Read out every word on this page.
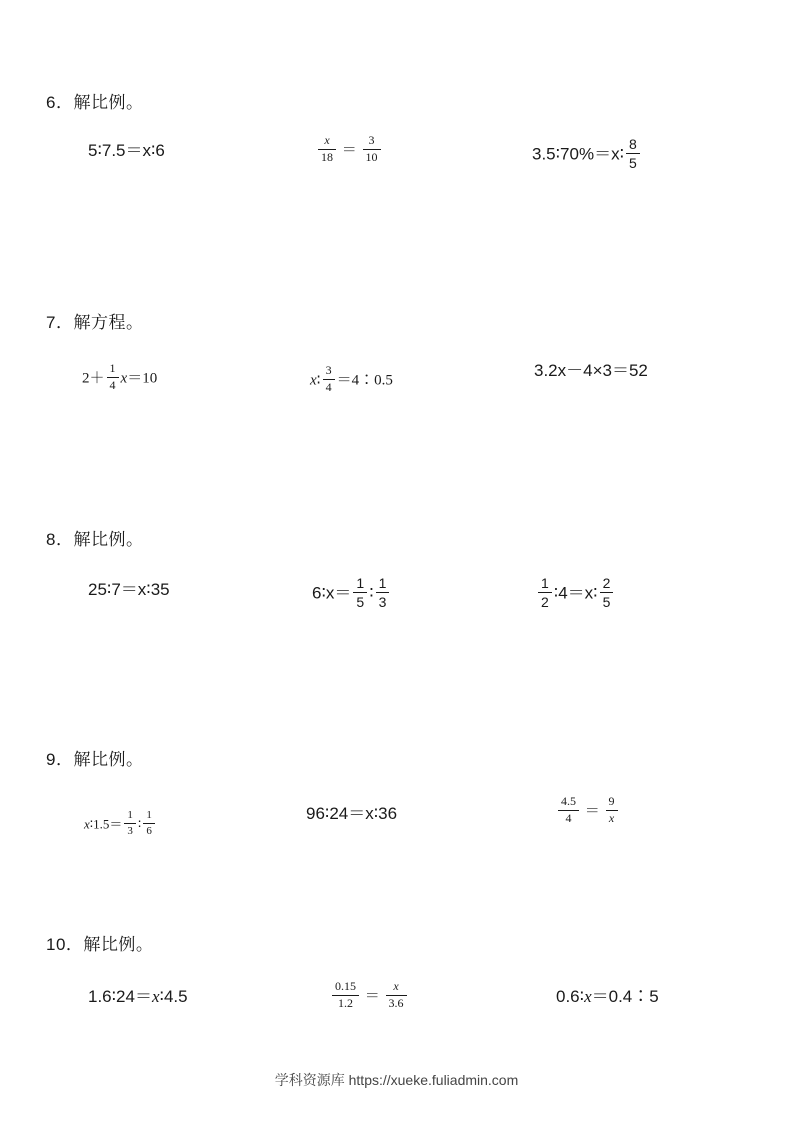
6．解比例。
5∶7.5＝x∶6	$\frac{x}{18} = \frac{3}{10}$	3.5∶70%＝x∶ $\frac{8}{5}$
7．解方程。
$2+ \frac{1}{4} x=10$	x∶ $\frac{3}{4}$ ＝4∶0.5
3.2x－4×3＝52
8．解比例。
25∶7＝x∶35	6∶x＝ $\frac{1}{5}$ ∶ $\frac{1}{3}$	$\frac{1}{2}$ ∶4＝x∶ $\frac{2}{5}$
9．解比例。
x∶1.5＝ $\frac{1}{3}$ ∶ $\frac{1}{6}$	96∶24＝x∶36	$\frac{4.5}{4} = \frac{9}{x}$
10．解比例。
1.6∶24＝x∶4.5	$\frac{0.15}{1.2} = \frac{x}{3.6}$	0.6∶x＝0.4∶5
学科资源库 https://xueke.fuliadmin.com
